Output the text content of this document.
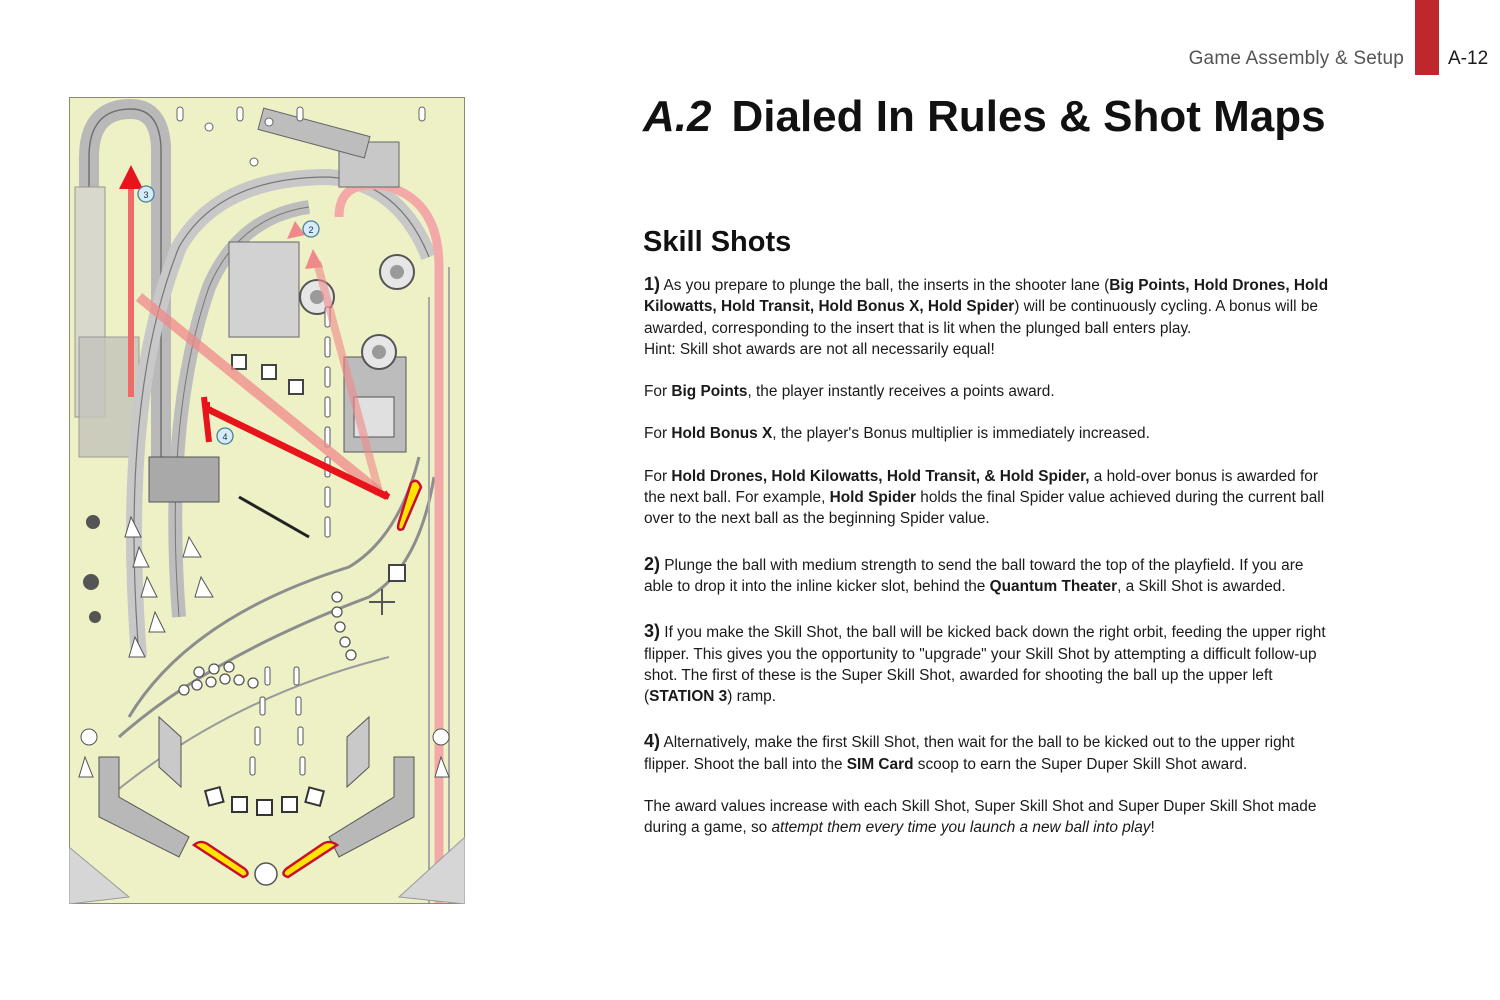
Game Assembly & Setup A-12
A.2 Dialed In Rules & Shot Maps
Skill Shots

1) As you prepare to plunge the ball, the inserts in the shooter lane (Big Points, Hold Drones, Hold Kilowatts, Hold Transit, Hold Bonus X, Hold Spider) will be continuously cycling. A bonus will be awarded, corresponding to the insert that is lit when the plunged ball enters play.

Hint: Skill shot awards are not all necessarily equal!

For Big Points, the player instantly receives a points award.

For Hold Bonus X, the player's Bonus multiplier is immediately increased.

For Hold Drones, Hold Kilowatts, Hold Transit, & Hold Spider, a hold-over bonus is awarded for the next ball. For example, Hold Spider holds the final Spider value achieved during the current ball over to the next ball as the beginning Spider value.

2) Plunge the ball with medium strength to send the ball toward the top of the playfield. If you are able to drop it into the inline kicker slot, behind the Quantum Theater, a Skill Shot is awarded.

3) If you make the Skill Shot, the ball will be kicked back down the right orbit, feeding the upper right flipper. This gives you the opportunity to "upgrade" your Skill Shot by attempting a difficult follow-up shot. The first of these is the Super Skill Shot, awarded for shooting the ball up the upper left (STATION 3) ramp.

4) Alternatively, make the first Skill Shot, then wait for the ball to be kicked out to the upper right flipper. Shoot the ball into the SIM Card scoop to earn the Super Duper Skill Shot award.

The award values increase with each Skill Shot, Super Skill Shot and Super Duper Skill Shot made during a game, so attempt them every time you launch a new ball into play!

2
3
4
